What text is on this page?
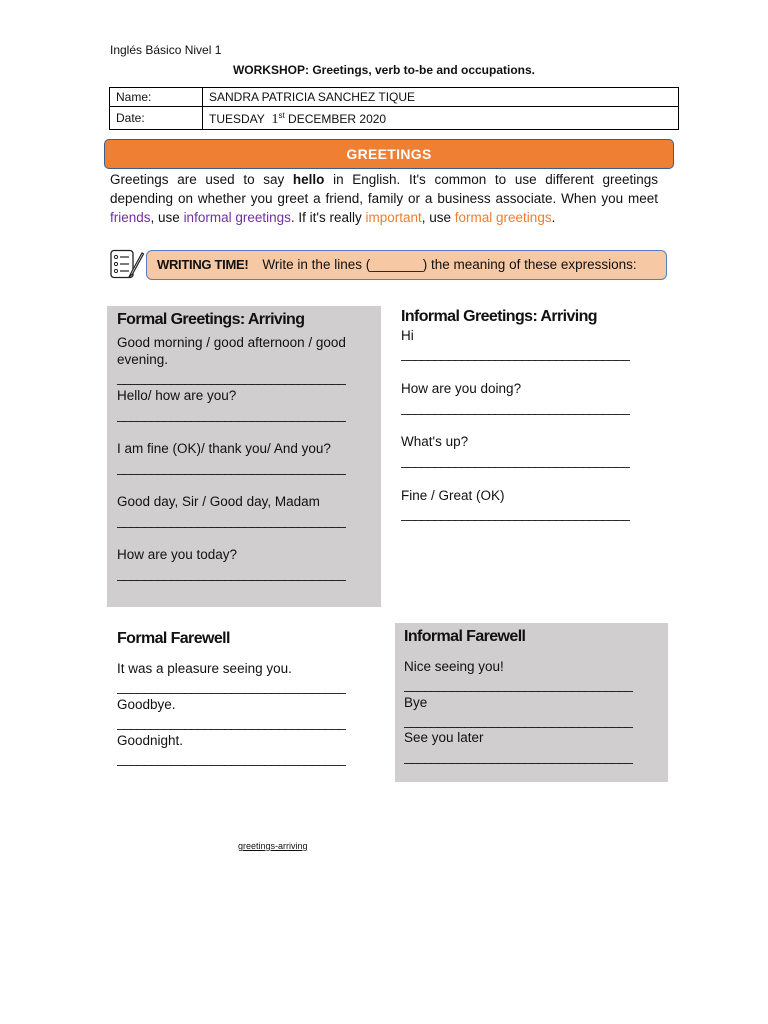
Inglés Básico Nivel 1
WORKSHOP: Greetings, verb to-be and occupations.
Name:	SANDRA PATRICIA SANCHEZ TIQUE
Date:	TUESDAY 1st DECEMBER 2020
GREETINGS
Greetings are used to say hello in English. It's common to use different greetings depending on whether you greet a friend, family or a business associate. When you meet friends, use informal greetings. If it's really important, use formal greetings.
WRITING TIME! Write in the lines (_______) the meaning of these expressions:
Formal Greetings: Arriving
Good morning / good afternoon / good evening.
__________________________________
Hello/ how are you?
__________________________________
I am fine (OK)/ thank you/ And you?
__________________________________
Good day, Sir / Good day, Madam
__________________________________
How are you today?
__________________________________
Informal Greetings: Arriving
Hi
__________________________________
How are you doing?
__________________________________
What's up?
__________________________________
Fine / Great (OK)
__________________________________
Formal Farewell
It was a pleasure seeing you.
__________________________________
Goodbye.
__________________________________
Goodnight.
__________________________________
Informal Farewell
Nice seeing you!
__________________________________
Bye
__________________________________
See you later
__________________________________
greetings-arriving
